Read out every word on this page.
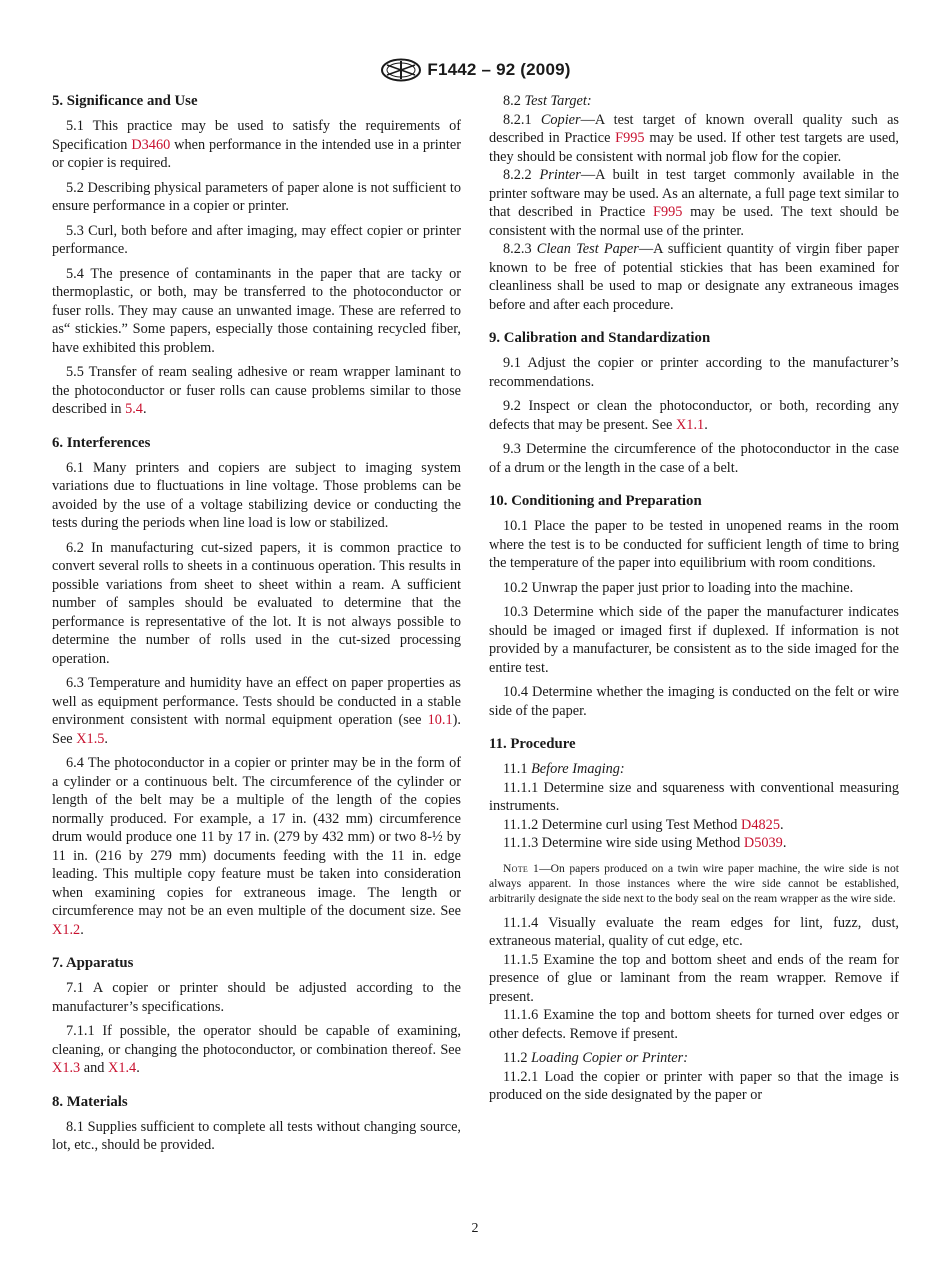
F1442 – 92 (2009)
5. Significance and Use

5.1 This practice may be used to satisfy the requirements of Specification D3460 when performance in the intended use in a printer or copier is required.

5.2 Describing physical parameters of paper alone is not sufficient to ensure performance in a copier or printer.

5.3 Curl, both before and after imaging, may effect copier or printer performance.

5.4 The presence of contaminants in the paper that are tacky or thermoplastic, or both, may be transferred to the photoconductor or fuser rolls. They may cause an unwanted image. These are referred to as“ stickies.” Some papers, especially those containing recycled fiber, have exhibited this problem.

5.5 Transfer of ream sealing adhesive or ream wrapper laminant to the photoconductor or fuser rolls can cause problems similar to those described in 5.4.

6. Interferences

6.1 Many printers and copiers are subject to imaging system variations due to fluctuations in line voltage. Those problems can be avoided by the use of a voltage stabilizing device or conducting the tests during the periods when line load is low or stabilized.

6.2 In manufacturing cut-sized papers, it is common practice to convert several rolls to sheets in a continuous operation. This results in possible variations from sheet to sheet within a ream. A sufficient number of samples should be evaluated to determine that the performance is representative of the lot. It is not always possible to determine the number of rolls used in the cut-sized processing operation.

6.3 Temperature and humidity have an effect on paper properties as well as equipment performance. Tests should be conducted in a stable environment consistent with normal equipment operation (see 10.1). See X1.5.

6.4 The photoconductor in a copier or printer may be in the form of a cylinder or a continuous belt. The circumference of the cylinder or length of the belt may be a multiple of the length of the copies normally produced. For example, a 17 in. (432 mm) circumference drum would produce one 11 by 17 in. (279 by 432 mm) or two 8-½ by 11 in. (216 by 279 mm) documents feeding with the 11 in. edge leading. This multiple copy feature must be taken into consideration when examining copies for extraneous image. The length or circumference may not be an even multiple of the document size. See X1.2.

7. Apparatus

7.1 A copier or printer should be adjusted according to the manufacturer’s specifications.

7.1.1 If possible, the operator should be capable of examining, cleaning, or changing the photoconductor, or combination thereof. See X1.3 and X1.4.

8. Materials

8.1 Supplies sufficient to complete all tests without changing source, lot, etc., should be provided.

8.2 Test Target:

8.2.1 Copier—A test target of known overall quality such as described in Practice F995 may be used. If other test targets are used, they should be consistent with normal job flow for the copier.

8.2.2 Printer—A built in test target commonly available in the printer software may be used. As an alternate, a full page text similar to that described in Practice F995 may be used. The text should be consistent with the normal use of the printer.

8.2.3 Clean Test Paper—A sufficient quantity of virgin fiber paper known to be free of potential stickies that has been examined for cleanliness shall be used to map or designate any extraneous images before and after each procedure.

9. Calibration and Standardization

9.1 Adjust the copier or printer according to the manufacturer’s recommendations.

9.2 Inspect or clean the photoconductor, or both, recording any defects that may be present. See X1.1.

9.3 Determine the circumference of the photoconductor in the case of a drum or the length in the case of a belt.

10. Conditioning and Preparation

10.1 Place the paper to be tested in unopened reams in the room where the test is to be conducted for sufficient length of time to bring the temperature of the paper into equilibrium with room conditions.

10.2 Unwrap the paper just prior to loading into the machine.

10.3 Determine which side of the paper the manufacturer indicates should be imaged or imaged first if duplexed. If information is not provided by a manufacturer, be consistent as to the side imaged for the entire test.

10.4 Determine whether the imaging is conducted on the felt or wire side of the paper.

11. Procedure

11.1 Before Imaging:

11.1.1 Determine size and squareness with conventional measuring instruments.

11.1.2 Determine curl using Test Method D4825.

11.1.3 Determine wire side using Method D5039.

Note 1—On papers produced on a twin wire paper machine, the wire side is not always apparent. In those instances where the wire side cannot be established, arbitrarily designate the side next to the body seal on the ream wrapper as the wire side.

11.1.4 Visually evaluate the ream edges for lint, fuzz, dust, extraneous material, quality of cut edge, etc.

11.1.5 Examine the top and bottom sheet and ends of the ream for presence of glue or laminant from the ream wrapper. Remove if present.

11.1.6 Examine the top and bottom sheets for turned over edges or other defects. Remove if present.

11.2 Loading Copier or Printer:

11.2.1 Load the copier or printer with paper so that the image is produced on the side designated by the paper or

2
